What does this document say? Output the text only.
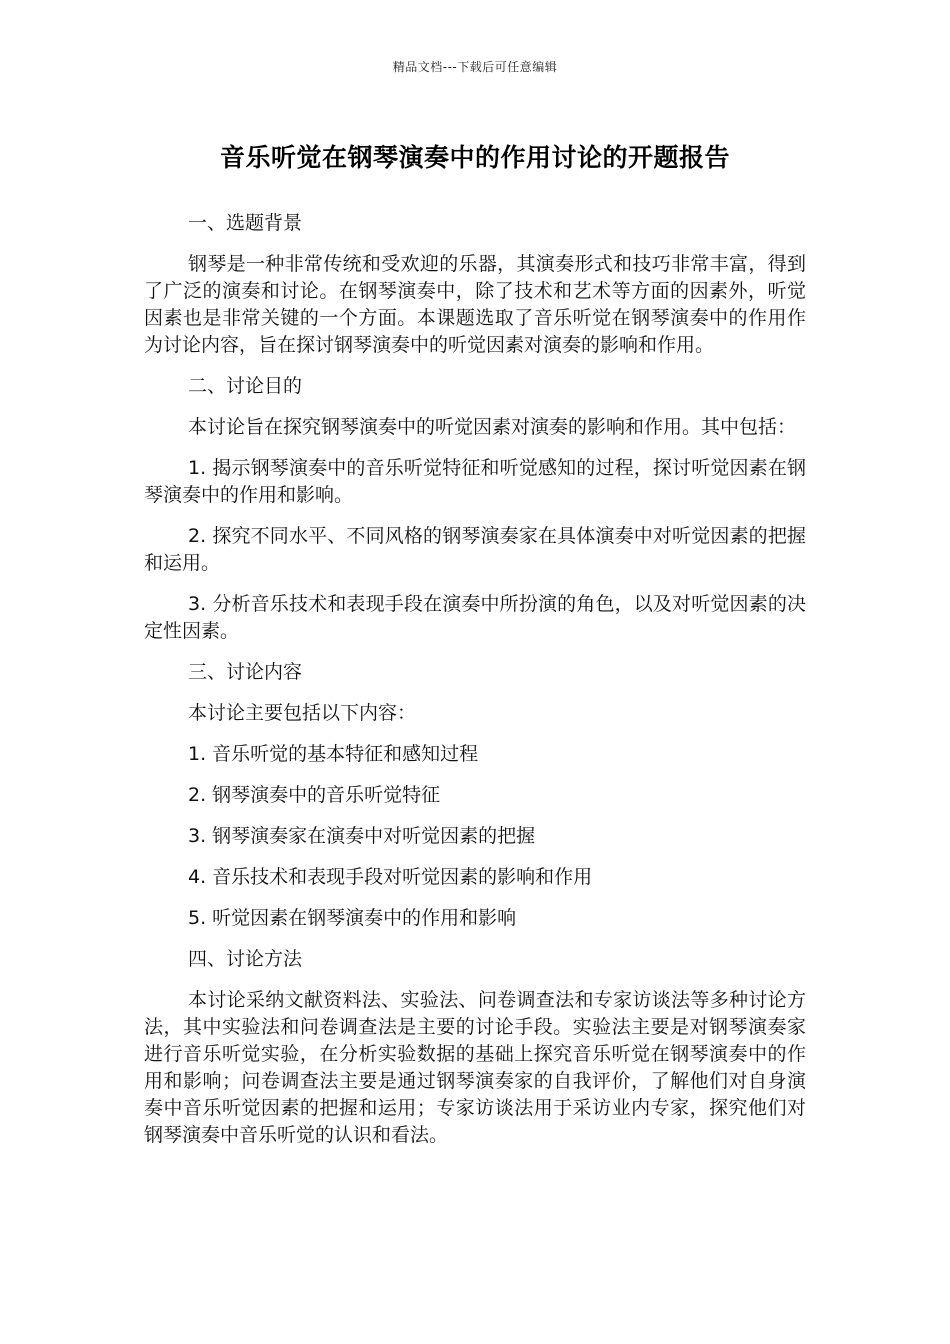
精品文档---下载后可任意编辑
音乐听觉在钢琴演奏中的作用讨论的开题报告

一、选题背景

钢琴是一种非常传统和受欢迎的乐器，其演奏形式和技巧非常丰富，得到了广泛的演奏和讨论。在钢琴演奏中，除了技术和艺术等方面的因素外，听觉因素也是非常关键的一个方面。本课题选取了音乐听觉在钢琴演奏中的作用作为讨论内容，旨在探讨钢琴演奏中的听觉因素对演奏的影响和作用。

二、讨论目的

本讨论旨在探究钢琴演奏中的听觉因素对演奏的影响和作用。其中包括：

1. 揭示钢琴演奏中的音乐听觉特征和听觉感知的过程，探讨听觉因素在钢琴演奏中的作用和影响。

2. 探究不同水平、不同风格的钢琴演奏家在具体演奏中对听觉因素的把握和运用。

3. 分析音乐技术和表现手段在演奏中所扮演的角色，以及对听觉因素的决定性因素。

三、讨论内容

本讨论主要包括以下内容：

1. 音乐听觉的基本特征和感知过程

2. 钢琴演奏中的音乐听觉特征

3. 钢琴演奏家在演奏中对听觉因素的把握

4. 音乐技术和表现手段对听觉因素的影响和作用

5. 听觉因素在钢琴演奏中的作用和影响

四、讨论方法

本讨论采纳文献资料法、实验法、问卷调查法和专家访谈法等多种讨论方法，其中实验法和问卷调查法是主要的讨论手段。实验法主要是对钢琴演奏家进行音乐听觉实验，在分析实验数据的基础上探究音乐听觉在钢琴演奏中的作用和影响；问卷调查法主要是通过钢琴演奏家的自我评价，了解他们对自身演奏中音乐听觉因素的把握和运用；专家访谈法用于采访业内专家，探究他们对钢琴演奏中音乐听觉的认识和看法。
